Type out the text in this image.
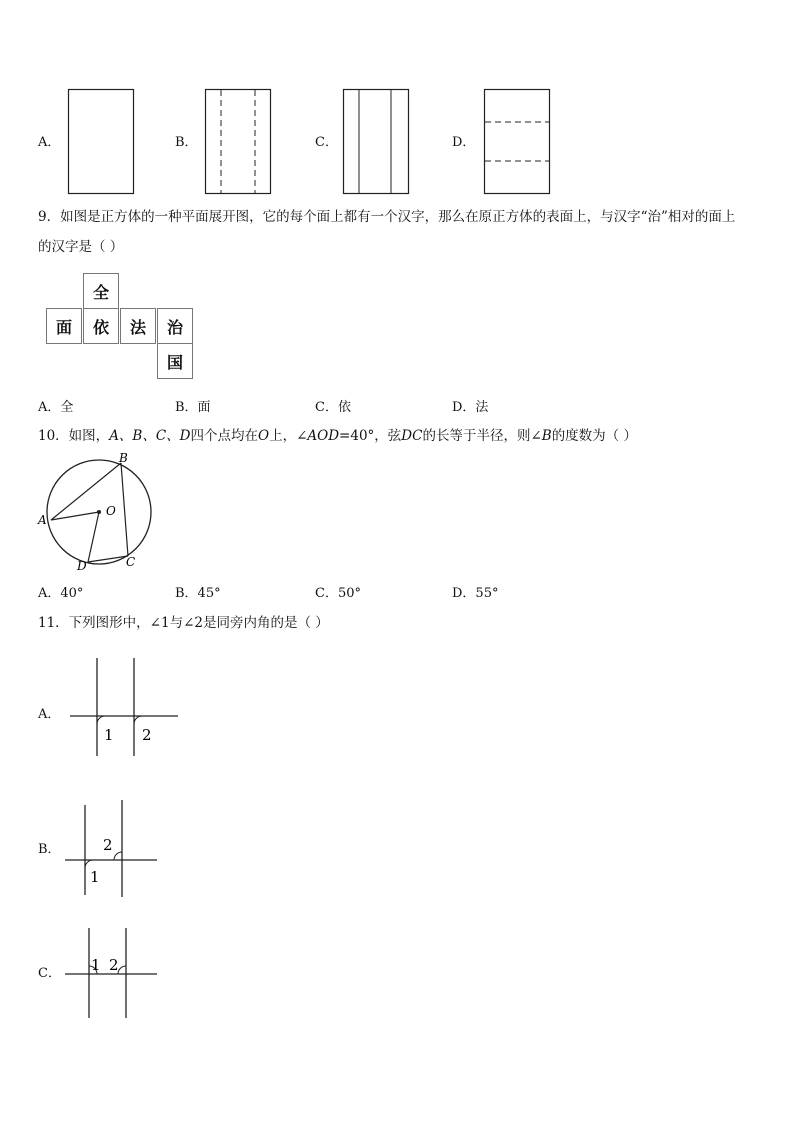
A．	B．	C．	D．
9．如图是正方体的一种平面展开图，它的每个面上都有一个汉字，那么在原正方体的表面上，与汉字“治”相对的面上
的汉字是（ ）
全
面	依	法	治
国
A．全	B．面	C．依	D．法
10．如图，A、B、C、D四个点均在O上，∠AOD=40°，弦DC的长等于半径，则∠B的度数为（ ）
O
B
A
C
D
A．40°	B．45°	C．50°	D．55°
11．下列图形中，∠1与∠2是同旁内角的是（ ）
A．
1 2
B．
1
2
C． 1 2
